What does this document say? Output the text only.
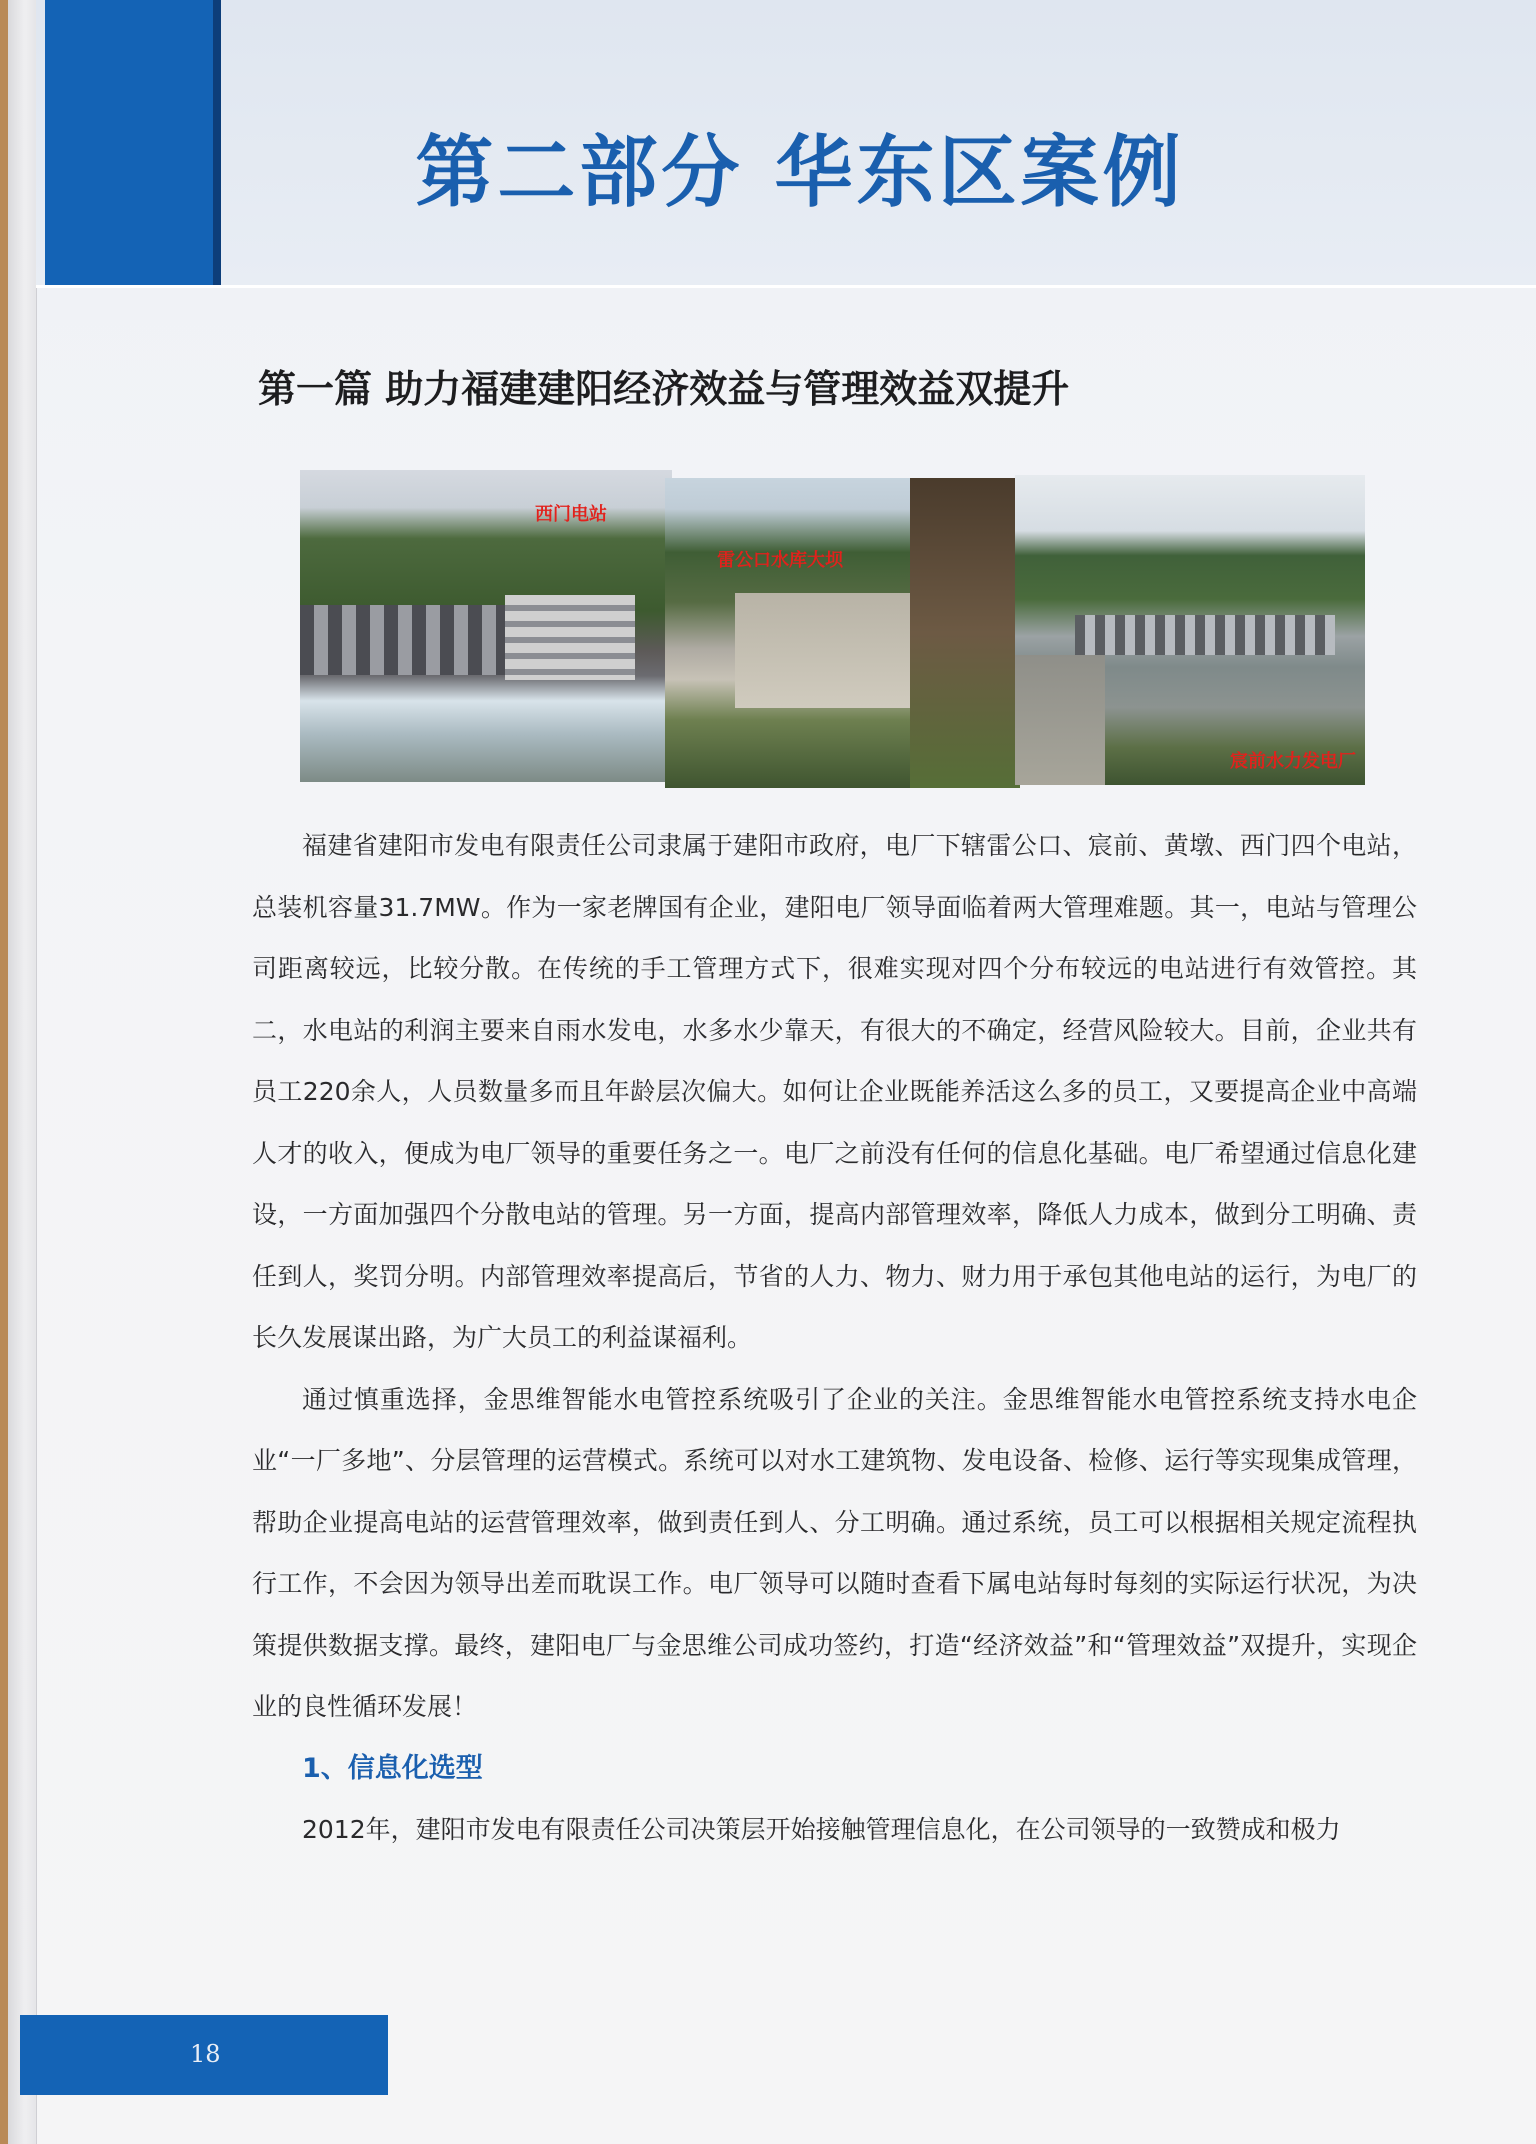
第二部分 华东区案例
第一篇 助力福建建阳经济效益与管理效益双提升
西门电站
雷公口水库大坝
宸前水力发电厂

福建省建阳市发电有限责任公司隶属于建阳市政府，电厂下辖雷公口、宸前、黄墩、西门四个电站，总装机容量31.7MW。作为一家老牌国有企业，建阳电厂领导面临着两大管理难题。其一，电站与管理公司距离较远，比较分散。在传统的手工管理方式下，很难实现对四个分布较远的电站进行有效管控。其二，水电站的利润主要来自雨水发电，水多水少靠天，有很大的不确定，经营风险较大。目前，企业共有员工220余人，人员数量多而且年龄层次偏大。如何让企业既能养活这么多的员工，又要提高企业中高端人才的收入，便成为电厂领导的重要任务之一。电厂之前没有任何的信息化基础。电厂希望通过信息化建设，一方面加强四个分散电站的管理。另一方面，提高内部管理效率，降低人力成本，做到分工明确、责任到人，奖罚分明。内部管理效率提高后，节省的人力、物力、财力用于承包其他电站的运行，为电厂的长久发展谋出路，为广大员工的利益谋福利。

通过慎重选择，金思维智能水电管控系统吸引了企业的关注。金思维智能水电管控系统支持水电企业“一厂多地”、分层管理的运营模式。系统可以对水工建筑物、发电设备、检修、运行等实现集成管理，帮助企业提高电站的运营管理效率，做到责任到人、分工明确。通过系统，员工可以根据相关规定流程执行工作，不会因为领导出差而耽误工作。电厂领导可以随时查看下属电站每时每刻的实际运行状况，为决策提供数据支撑。最终，建阳电厂与金思维公司成功签约，打造“经济效益”和“管理效益”双提升，实现企业的良性循环发展！

1、信息化选型

2012年，建阳市发电有限责任公司决策层开始接触管理信息化，在公司领导的一致赞成和极力

18
